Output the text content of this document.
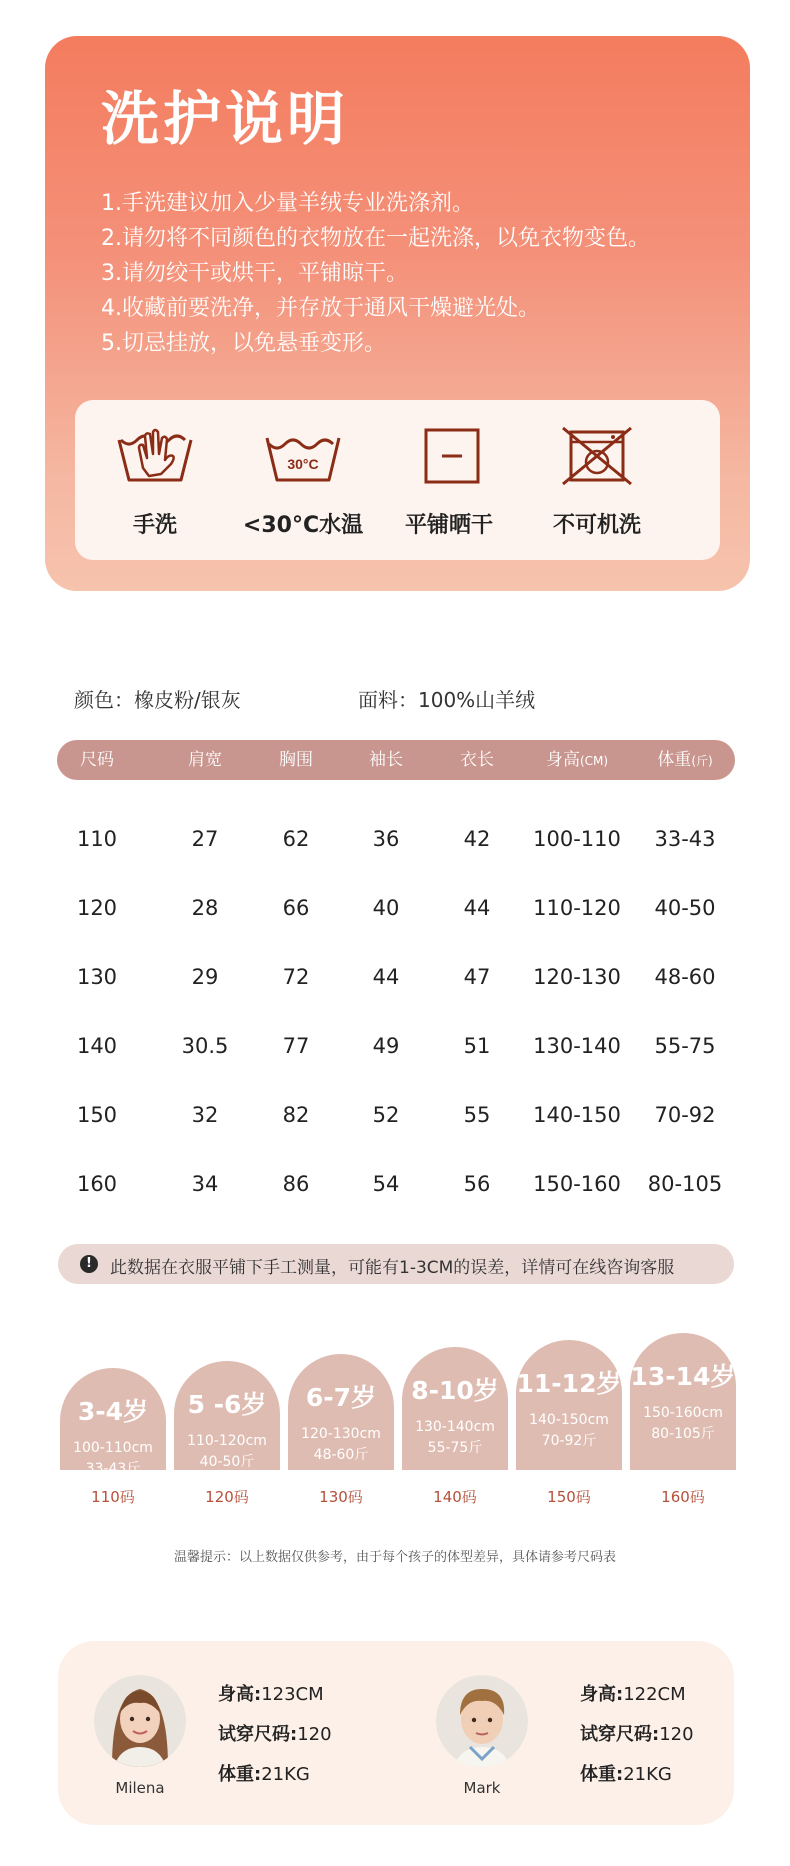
洗护说明
1.手洗建议加入少量羊绒专业洗涤剂。
2.请勿将不同颜色的衣物放在一起洗涤，以免衣物变色。
3.请勿绞干或烘干，平铺晾干。
4.收藏前要洗净，并存放于通风干燥避光处。
5.切忌挂放，以免悬垂变形。
手洗
30°C
<30°C水温	平铺晒干	不可机洗
颜色：橡皮粉/银灰	面料：100%山羊绒
尺码	肩宽	胸围	袖长	衣长	身高(CM)	体重(斤)
110	27	62	36	42 100-110 33-43
120	28	66	40	44 110-120 40-50
130	29	72	44	47 120-130 48-60
140	30.5	77	49	51 130-140 55-75
150	32	82	52	55 140-150 70-92
160	34	86	54	56 150-160 80-105
!	此数据在衣服平铺下手工测量，可能有1-3CM的误差，详情可在线咨询客服
3-4岁
100-110cm
33-43斤
110码
5 -6岁
110-120cm
40-50斤
120码
6-7岁
120-130cm
48-60斤
130码
8-10岁
130-140cm
55-75斤
140码
11-12岁
140-150cm
70-92斤
150码
13-14岁
150-160cm
80-105斤
160码
温馨提示：以上数据仅供参考，由于每个孩子的体型差异，具体请参考尺码表
Milena
身高:123CM
试穿尺码:120
体重:21KG
Mark
身高:122CM
试穿尺码:120
体重:21KG
